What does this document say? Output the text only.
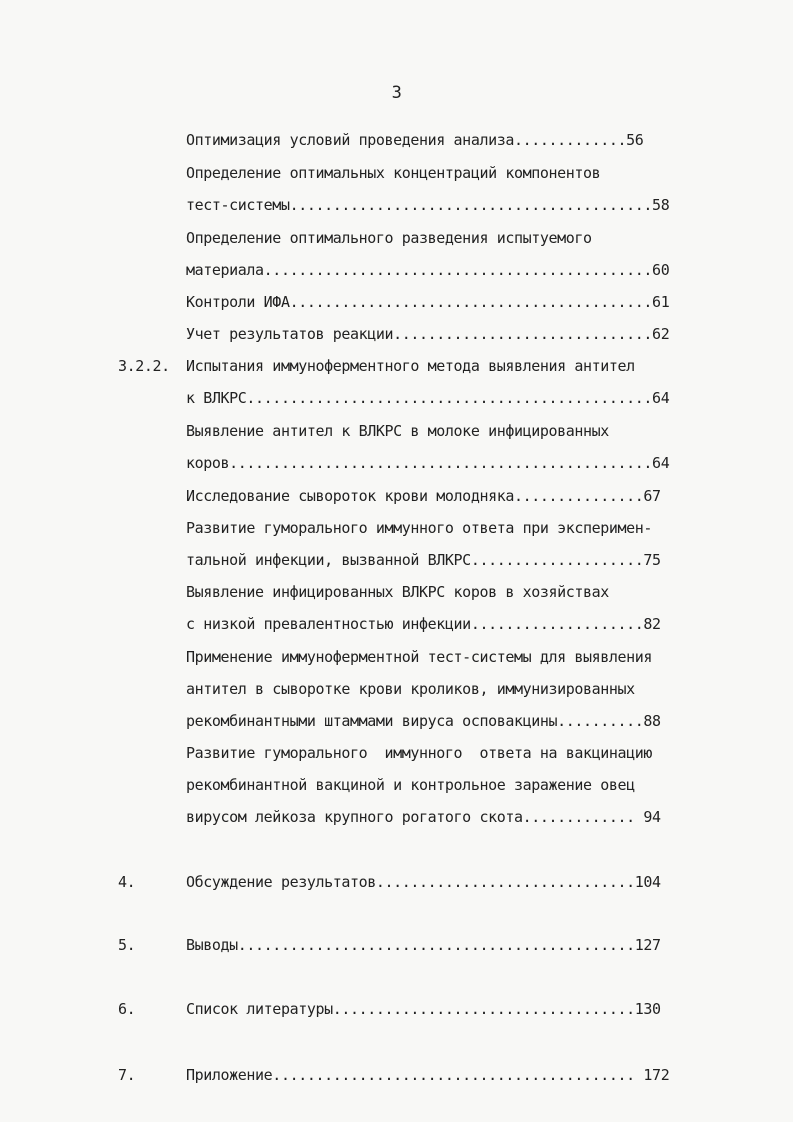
3
Оптимизация условий проведения анализа.............56
Определение оптимальных концентраций компонентов
тест-системы..........................................58
Определение оптимального разведения испытуемого
материала.............................................60
Контроли ИФА..........................................61
Учет результатов реакции..............................62
3.2.2. Испытания иммуноферментного метода выявления антител
к ВЛКРС...............................................64
Выявление антител к ВЛКРС в молоке инфицированных
коров.................................................64
Исследование сывороток крови молодняка...............67
Развитие гуморального иммунного ответа при эксперимен-
тальной инфекции, вызванной ВЛКРС....................75
Выявление инфицированных ВЛКРС коров в хозяйствах
с низкой превалентностью инфекции....................82
Применение иммуноферментной тест-системы для выявления
антител в сыворотке крови кроликов, иммунизированных
рекомбинантными штаммами вируса осповакцины..........88
Развитие гуморального  иммунного  ответа на вакцинацию
рекомбинантной вакциной и контрольное заражение овец
вирусом лейкоза крупного рогатого скота............. 94
4.	Обсуждение результатов..............................104
5.	Выводы..............................................127
6.	Список литературы...................................130
7.	Приложение.......................................... 172
